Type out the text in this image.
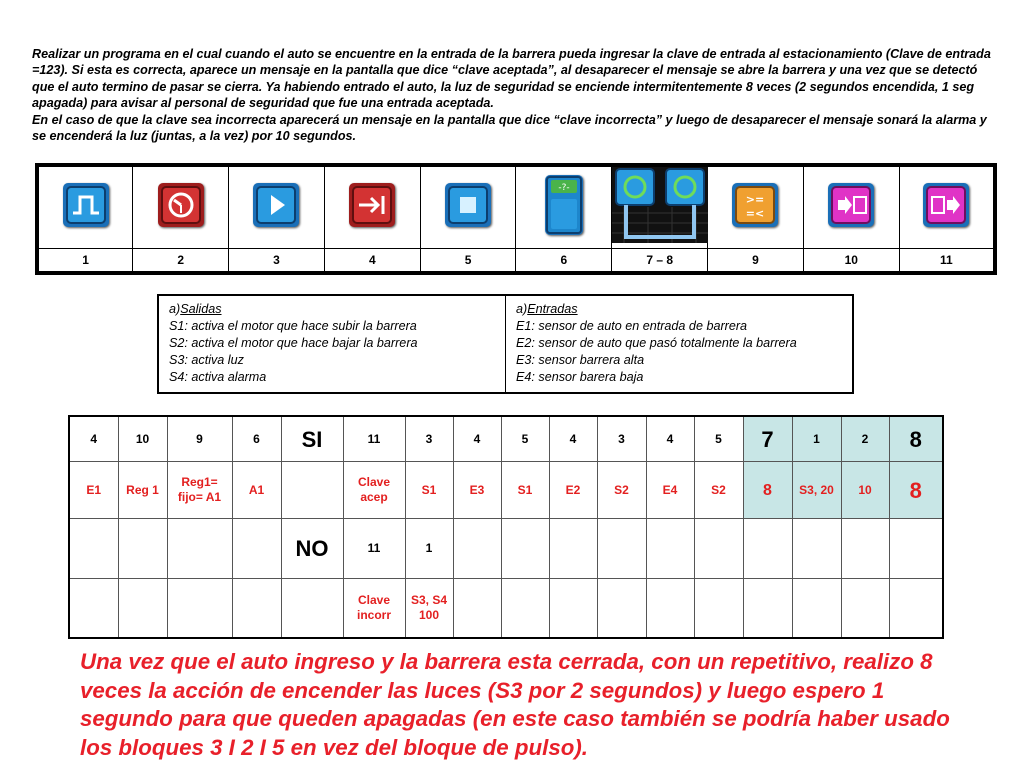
Realizar un programa en el cual cuando el auto se encuentre en la entrada de la barrera pueda ingresar la clave de entrada al estacionamiento (Clave de entrada =123). Si esta es correcta, aparece un mensaje en la pantalla que dice “clave aceptada”, al desaparecer el mensaje se abre la barrera y una vez que se detectó que el auto termino de pasar se cierra. Ya habiendo entrado el auto, la luz de seguridad se enciende intermitentemente 8 veces (2 segundos encendida, 1 seg apagada) para avisar al personal de seguridad que fue una entrada aceptada.

En el caso de que la clave sea incorrecta aparecerá un mensaje en la pantalla que dice “clave incorrecta” y luego de desaparecer el mensaje sonará la alarma y se encenderá la luz (juntas, a la vez) por 10 segundos.

-?-		>=
=<

1	2	3	4	5	6	7 – 8	9	10	11
a)Salidas
S1: activa el motor que hace subir la barrera
S2: activa el motor que hace bajar la barrera
S3: activa luz
S4: activa alarma

a)Entradas
E1: sensor de auto en entrada de barrera
E2: sensor de auto que pasó totalmente la barrera
E3: sensor barrera alta
E4: sensor barera baja
4	10	9	6	SI	11	3	4	5	4	3	4	5	7	1	2	8
E1	Reg 1	Reg1= fijo= A1	A1		Clave acep	S1	E3	S1	E2	S2	E4	S2	8	S3, 20	10	8
				NO	11	1										
					Clave incorr	S3, S4 100										

Una vez que el auto ingreso y la barrera esta cerrada, con un repetitivo, realizo 8 veces la acción de encender las luces (S3 por 2 segundos) y luego espero 1 segundo para que queden apagadas (en este caso también se podría haber usado los bloques 3 I 2 I 5 en vez del bloque de pulso).
